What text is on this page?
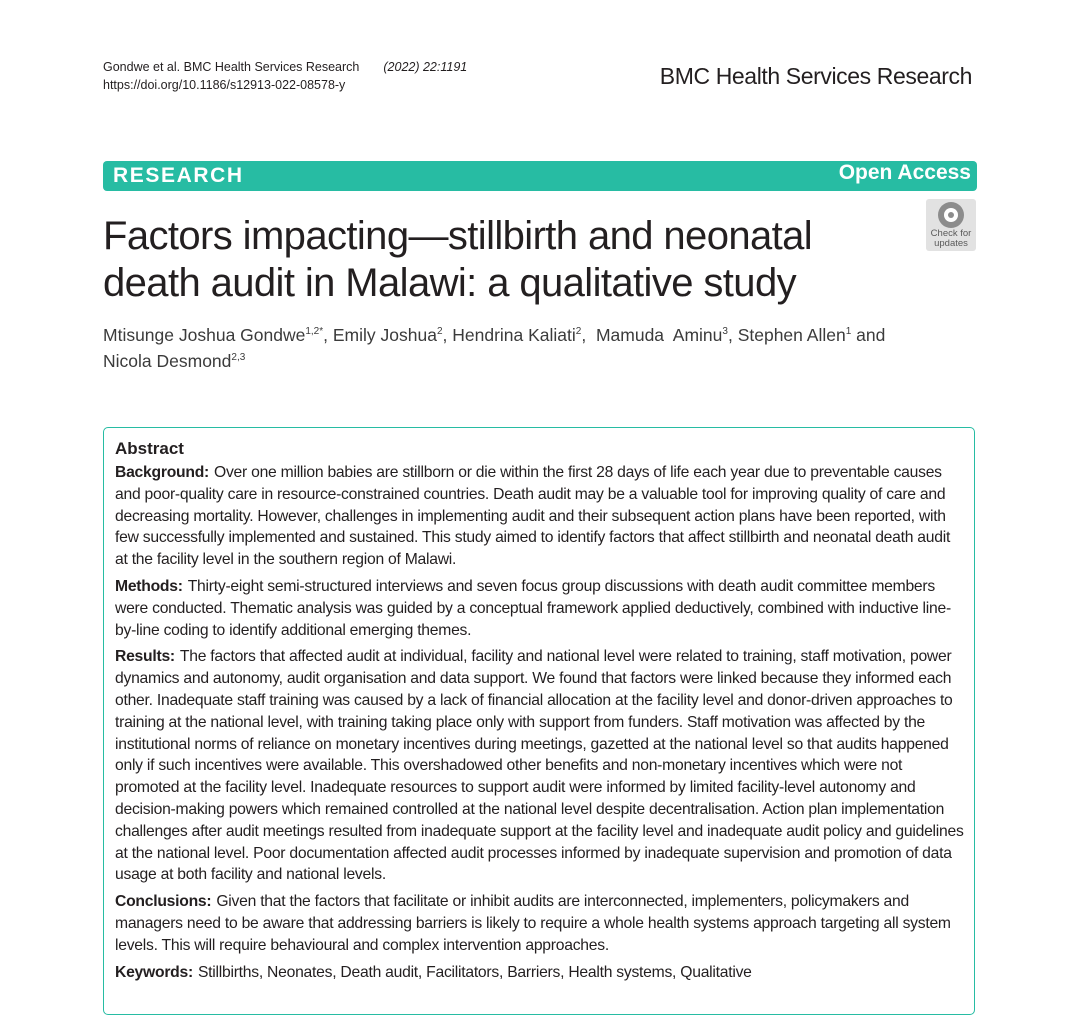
Gondwe et al. BMC Health Services Research (2022) 22:1191
https://doi.org/10.1186/s12913-022-08578-y	BMC Health Services Research
RESEARCH	Open Access
Check for
updates
Factors impacting—stillbirth and neonatal death audit in Malawi: a qualitative study
Mtisunge Joshua Gondwe$^{1,2*}$, Emily Joshua$^2$, Hendrina Kaliati$^2$,  Mamuda  Aminu$^3$, Stephen Allen$^1$ and
Nicola Desmond$^{2,3}$
Abstract

Background: Over one million babies are stillborn or die within the first 28 days of life each year due to preventable causes and poor-quality care in resource-constrained countries. Death audit may be a valuable tool for improving quality of care and decreasing mortality. However, challenges in implementing audit and their subsequent action plans have been reported, with few successfully implemented and sustained. This study aimed to identify factors that affect stillbirth and neonatal death audit at the facility level in the southern region of Malawi.

Methods: Thirty-eight semi-structured interviews and seven focus group discussions with death audit committee members were conducted. Thematic analysis was guided by a conceptual framework applied deductively, combined with inductive line-by-line coding to identify additional emerging themes.

Results: The factors that affected audit at individual, facility and national level were related to training, staff motivation, power dynamics and autonomy, audit organisation and data support. We found that factors were linked because they informed each other. Inadequate staff training was caused by a lack of financial allocation at the facility level and donor-driven approaches to training at the national level, with training taking place only with support from funders. Staff motivation was affected by the institutional norms of reliance on monetary incentives during meetings, gazetted at the national level so that audits happened only if such incentives were available. This overshadowed other benefits and non-monetary incentives which were not promoted at the facility level. Inadequate resources to support audit were informed by limited facility-level autonomy and decision-making powers which remained controlled at the national level despite decentralisation. Action plan implementation challenges after audit meetings resulted from inadequate support at the facility level and inadequate audit policy and guidelines at the national level. Poor documentation affected audit processes informed by inadequate supervision and promotion of data usage at both facility and national levels.

Conclusions: Given that the factors that facilitate or inhibit audits are interconnected, implementers, policymakers and managers need to be aware that addressing barriers is likely to require a whole health systems approach targeting all system levels. This will require behavioural and complex intervention approaches.

Keywords: Stillbirths, Neonates, Death audit, Facilitators, Barriers, Health systems, Qualitative
